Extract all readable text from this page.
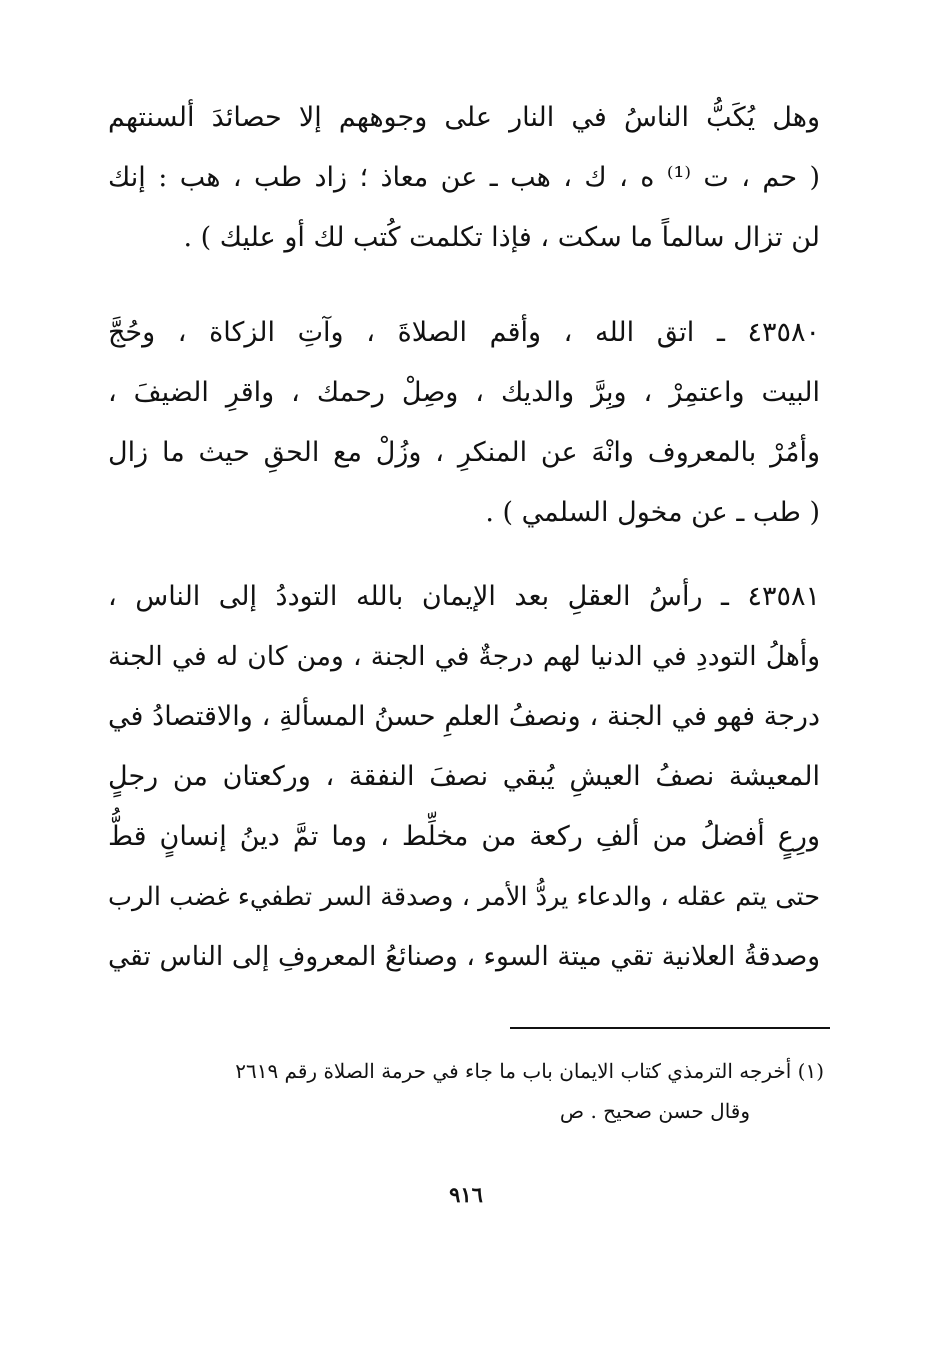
وهل يُكَبُّ الناسُ في النار على وجوههم إلا حصائدَ ألسنتهم
( حم ، ت ⁽¹⁾ ه ، ك ، هب ـ عن معاذ ؛ زاد طب ، هب : إنك
لن تزال سالماً ما سكت ، فإذا تكلمت كُتب لك أو عليك ) .
٤٣٥٨٠ ـ اتق الله ، وأقم الصلاةَ ، وآتِ الزكاة ، وحُجَّ
البيت واعتمِرْ ، وبِرَّ والديك ، وصِلْ رحمك ، واقرِ الضيفَ ،
وأمُرْ بالمعروف وانْهَ عن المنكرِ ، وزُلْ مع الحقِ حيث ما زال
( طب ـ عن مخول السلمي ) .
٤٣٥٨١ ـ رأسُ العقلِ بعد الإيمان بالله التوددُ إلى الناس ،
وأهلُ التوددِ في الدنيا لهم درجةٌ في الجنة ، ومن كان له في الجنة
درجة فهو في الجنة ، ونصفُ العلمِ حسنُ المسألةِ ، والاقتصادُ في
المعيشة نصفُ العيشِ يُبقي نصفَ النفقة ، وركعتان من رجلٍ
ورِعٍ أفضلُ من ألفِ ركعة من مخلِّط ، وما تمَّ دينُ إنسانٍ قطُّ
حتى يتم عقله ، والدعاء يردُّ الأمر ، وصدقة السر تطفيء غضب الرب
وصدقةُ العلانية تقي ميتة السوء ، وصنائعُ المعروفِ إلى الناس تقي
(١) أخرجه الترمذي كتاب الايمان باب ما جاء في حرمة الصلاة رقم ٢٦١٩
وقال حسن صحيح . ص
٩١٦
